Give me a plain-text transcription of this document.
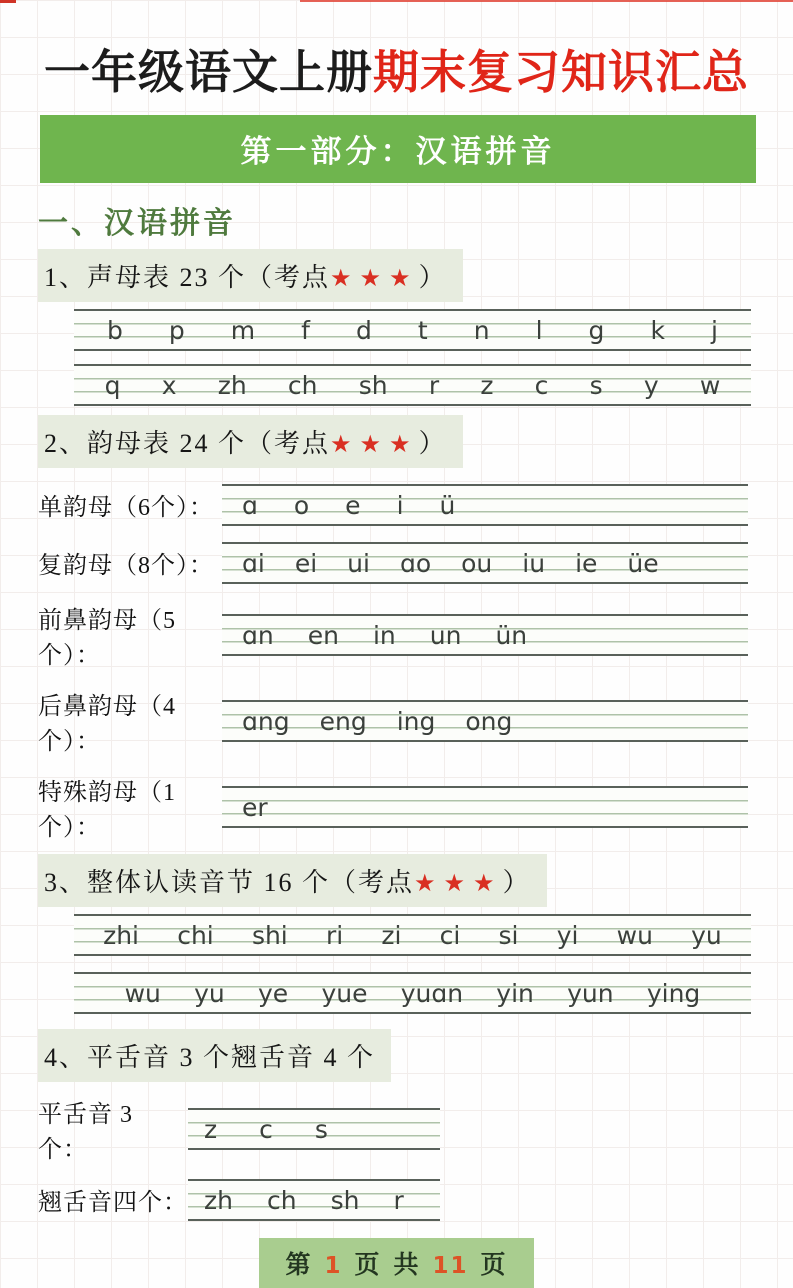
一年级语文上册期末复习知识汇总
第一部分：汉语拼音
一、汉语拼音
1、声母表 23 个（考点★★★）
b p m f d t n l g k j
q x zh ch sh r z c s y w
2、韵母表 24 个（考点★★★）
单韵母（6个）：	ɑ o e i ü
复韵母（8个）：	ɑi ei ui ɑo ou iu ie üe
前鼻韵母（5个）：
ɑn en in un ün
后鼻韵母（4个）：
ɑng eng ing ong
特殊韵母（1个）：
er
3、整体认读音节 16 个（考点★★★）
zhi chi shi ri zi ci si yi wu yu
wu yu ye yue yuɑn yin yun ying
4、平舌音 3 个翘舌音 4 个
平舌音 3 个：
z c s
翘舌音四个： zh ch sh r
第 1 页 共 11 页
